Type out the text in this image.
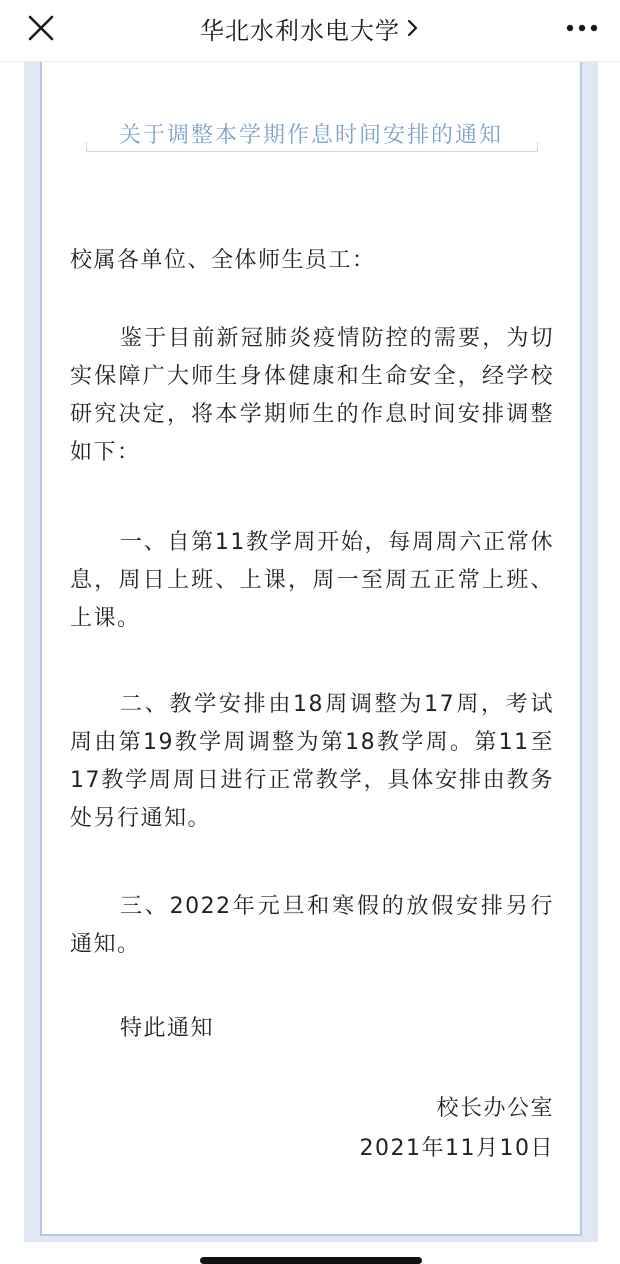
华北水利水电大学
关于调整本学期作息时间安排的通知

校属各单位、全体师生员工：

鉴于目前新冠肺炎疫情防控的需要，为切实保障广大师生身体健康和生命安全，经学校研究决定，将本学期师生的作息时间安排调整如下：

一、自第11教学周开始，每周周六正常休息，周日上班、上课，周一至周五正常上班、上课。

二、教学安排由18周调整为17周，考试周由第19教学周调整为第18教学周。第11至17教学周周日进行正常教学，具体安排由教务处另行通知。

三、2022年元旦和寒假的放假安排另行通知。

特此通知

校长办公室

2021年11月10日
